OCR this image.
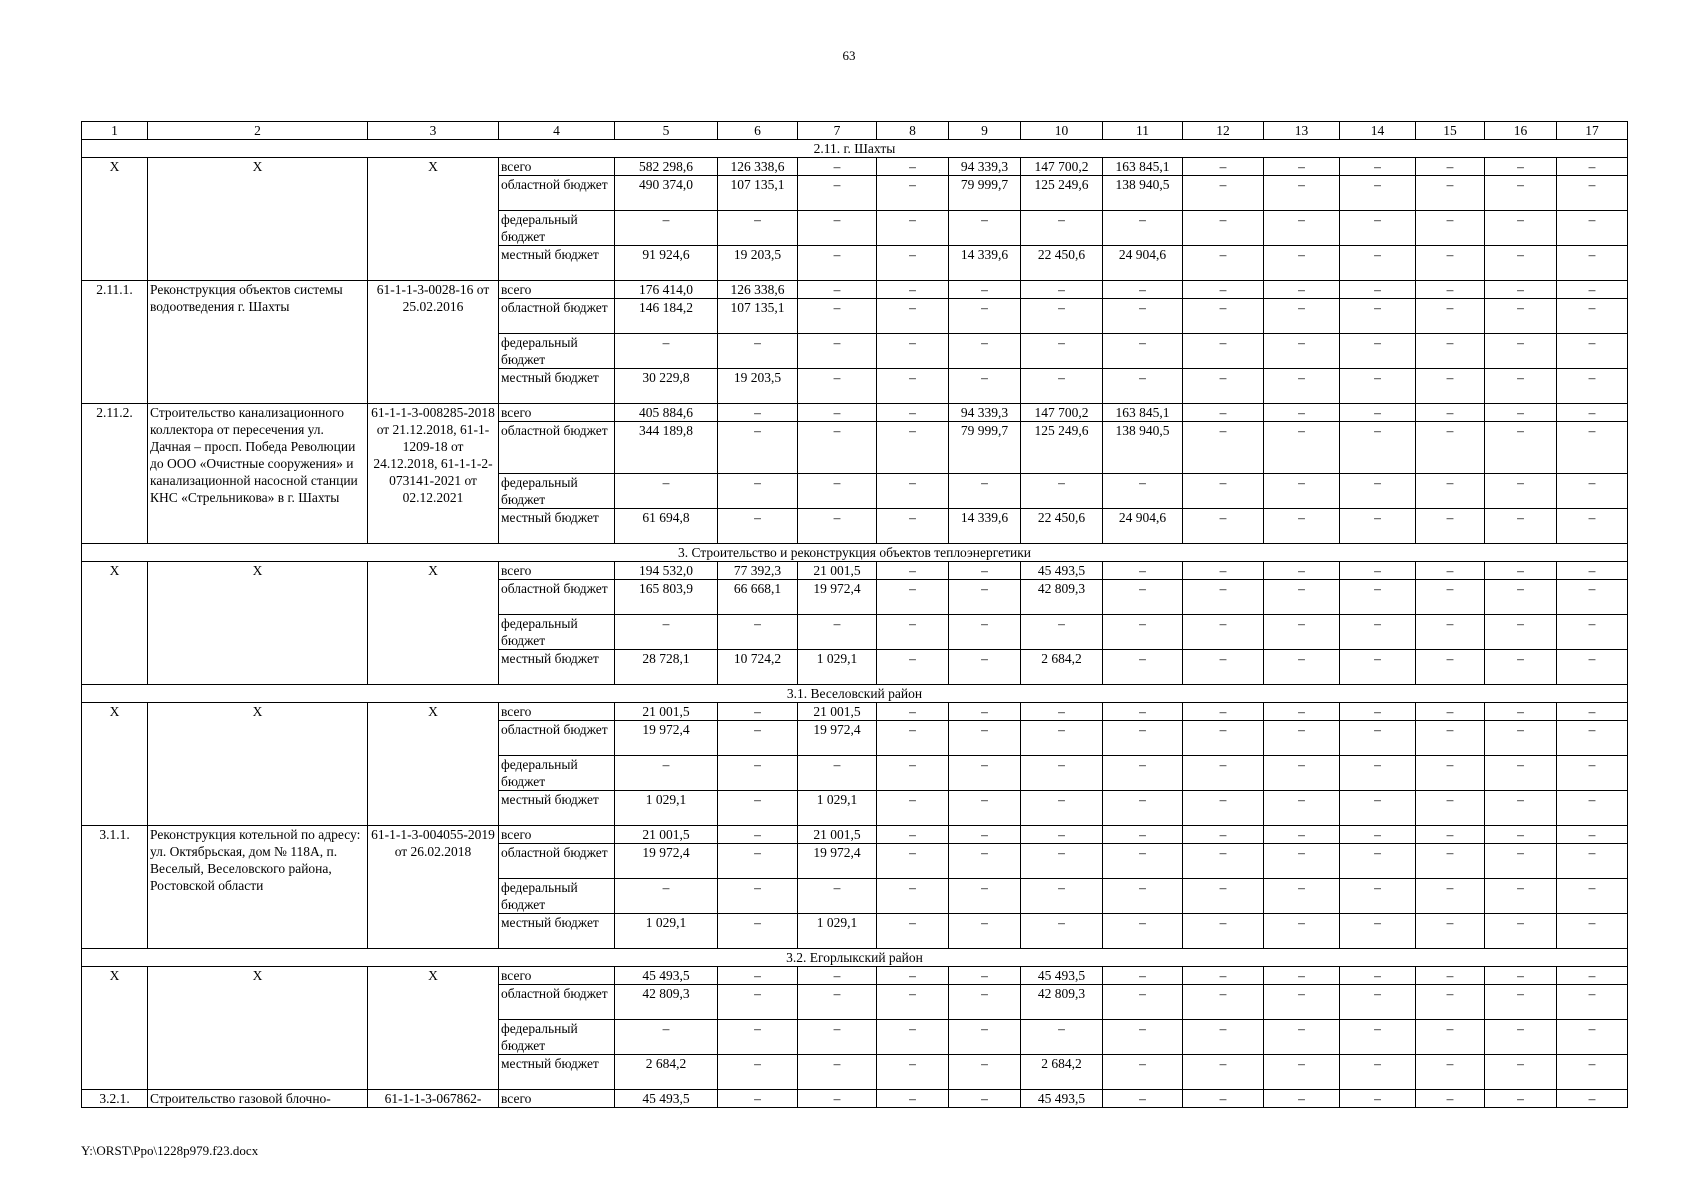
63
1	2	3	4	5	6	7	8	9	10	11	12	13	14	15	16	17
2.11. г. Шахты																
Х	Х	Х	всего	582 298,6	126 338,6	–	–	94 339,3	147 700,2	163 845,1	–	–	–	–	–	–
			областной бюджет	490 374,0	107 135,1	–	–	79 999,7	125 249,6	138 940,5	–	–	–	–	–	–
			федеральный бюджет	–	–	–	–	–	–	–	–	–	–	–	–	–
			местный бюджет	91 924,6	19 203,5	–	–	14 339,6	22 450,6	24 904,6	–	–	–	–	–	–
2.11.1.	Реконструкция объектов системы водоотведения г. Шахты	61-1-1-3-0028-16 от 25.02.2016	всего	176 414,0	126 338,6	–	–	–	–	–	–	–	–	–	–	–
			областной бюджет	146 184,2	107 135,1	–	–	–	–	–	–	–	–	–	–	–
			федеральный бюджет	–	–	–	–	–	–	–	–	–	–	–	–	–
			местный бюджет	30 229,8	19 203,5	–	–	–	–	–	–	–	–	–	–	–
2.11.2.	Строительство канализационного коллектора от пересечения ул. Дачная – просп. Победа Революции до ООО «Очистные сооружения» и канализационной насосной станции КНС «Стрельникова» в г. Шахты	61-1-1-3-008285-2018 от 21.12.2018, 61-1-1209-18 от 24.12.2018, 61-1-1-2-073141-2021 от 02.12.2021	всего	405 884,6	–	–	–	94 339,3	147 700,2	163 845,1	–	–	–	–	–	–
			областной бюджет	344 189,8	–	–	–	79 999,7	125 249,6	138 940,5	–	–	–	–	–	–
			федеральный бюджет	–	–	–	–	–	–	–	–	–	–	–	–	–
			местный бюджет	61 694,8	–	–	–	14 339,6	22 450,6	24 904,6	–	–	–	–	–	–
3. Строительство и реконструкция объектов теплоэнергетики																
Х	Х	Х	всего	194 532,0	77 392,3	21 001,5	–	–	45 493,5	–	–	–	–	–	–	–
			областной бюджет	165 803,9	66 668,1	19 972,4	–	–	42 809,3	–	–	–	–	–	–	–
			федеральный бюджет	–	–	–	–	–	–	–	–	–	–	–	–	–
			местный бюджет	28 728,1	10 724,2	1 029,1	–	–	2 684,2	–	–	–	–	–	–	–
3.1. Веселовский район																
Х	Х	Х	всего	21 001,5	–	21 001,5	–	–	–	–	–	–	–	–	–	–
			областной бюджет	19 972,4	–	19 972,4	–	–	–	–	–	–	–	–	–	–
			федеральный бюджет	–	–	–	–	–	–	–	–	–	–	–	–	–
			местный бюджет	1 029,1	–	1 029,1	–	–	–	–	–	–	–	–	–	–
3.1.1.	Реконструкция котельной по адресу: ул. Октябрьская, дом № 118А, п. Веселый, Веселовского района, Ростовской области	61-1-1-3-004055-2019 от 26.02.2018	всего	21 001,5	–	21 001,5	–	–	–	–	–	–	–	–	–	–
			областной бюджет	19 972,4	–	19 972,4	–	–	–	–	–	–	–	–	–	–
			федеральный бюджет	–	–	–	–	–	–	–	–	–	–	–	–	–
			местный бюджет	1 029,1	–	1 029,1	–	–	–	–	–	–	–	–	–	–
3.2. Егорлыкский район																
Х	Х	Х	всего	45 493,5	–	–	–	–	45 493,5	–	–	–	–	–	–	–
			областной бюджет	42 809,3	–	–	–	–	42 809,3	–	–	–	–	–	–	–
			федеральный бюджет	–	–	–	–	–	–	–	–	–	–	–	–	–
			местный бюджет	2 684,2	–	–	–	–	2 684,2	–	–	–	–	–	–	–
3.2.1.	Строительство газовой блочно-	61-1-1-3-067862-	всего	45 493,5	–	–	–	–	45 493,5	–	–	–	–	–	–	–
Y:\ORST\Ppo\1228p979.f23.docx
